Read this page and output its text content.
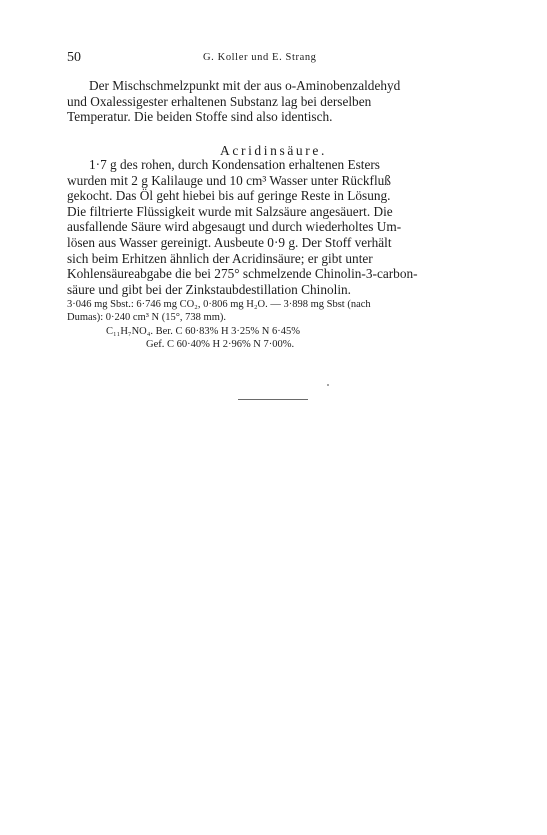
50	G. Koller und E. Strang

Der Mischschmelzpunkt mit der aus o-Aminobenzaldehyd
und Oxalessigester erhaltenen Substanz lag bei derselben
Temperatur. Die beiden Stoffe sind also identisch.

Acridinsäure.

1·7 g des rohen, durch Kondensation erhaltenen Esters
wurden mit 2 g Kalilauge und 10 cm³ Wasser unter Rückfluß
gekocht. Das Öl geht hiebei bis auf geringe Reste in Lösung.
Die filtrierte Flüssigkeit wurde mit Salzsäure angesäuert. Die
ausfallende Säure wird abgesaugt und durch wiederholtes Um-
lösen aus Wasser gereinigt. Ausbeute 0·9 g. Der Stoff verhält
sich beim Erhitzen ähnlich der Acridinsäure; er gibt unter
Kohlensäureabgabe die bei 275° schmelzende Chinolin-3-carbon-
säure und gibt bei der Zinkstaubdestillation Chinolin.

3·046 mg Sbst.: 6·746 mg CO₂, 0·806 mg H₂O. — 3·898 mg Sbst (nach
Dumas): 0·240 cm³ N (15°, 738 mm).

C₁₁H₇NO₄. Ber. C 60·83% H 3·25% N 6·45%

Gef. C 60·40% H 2·96% N 7·00%.
